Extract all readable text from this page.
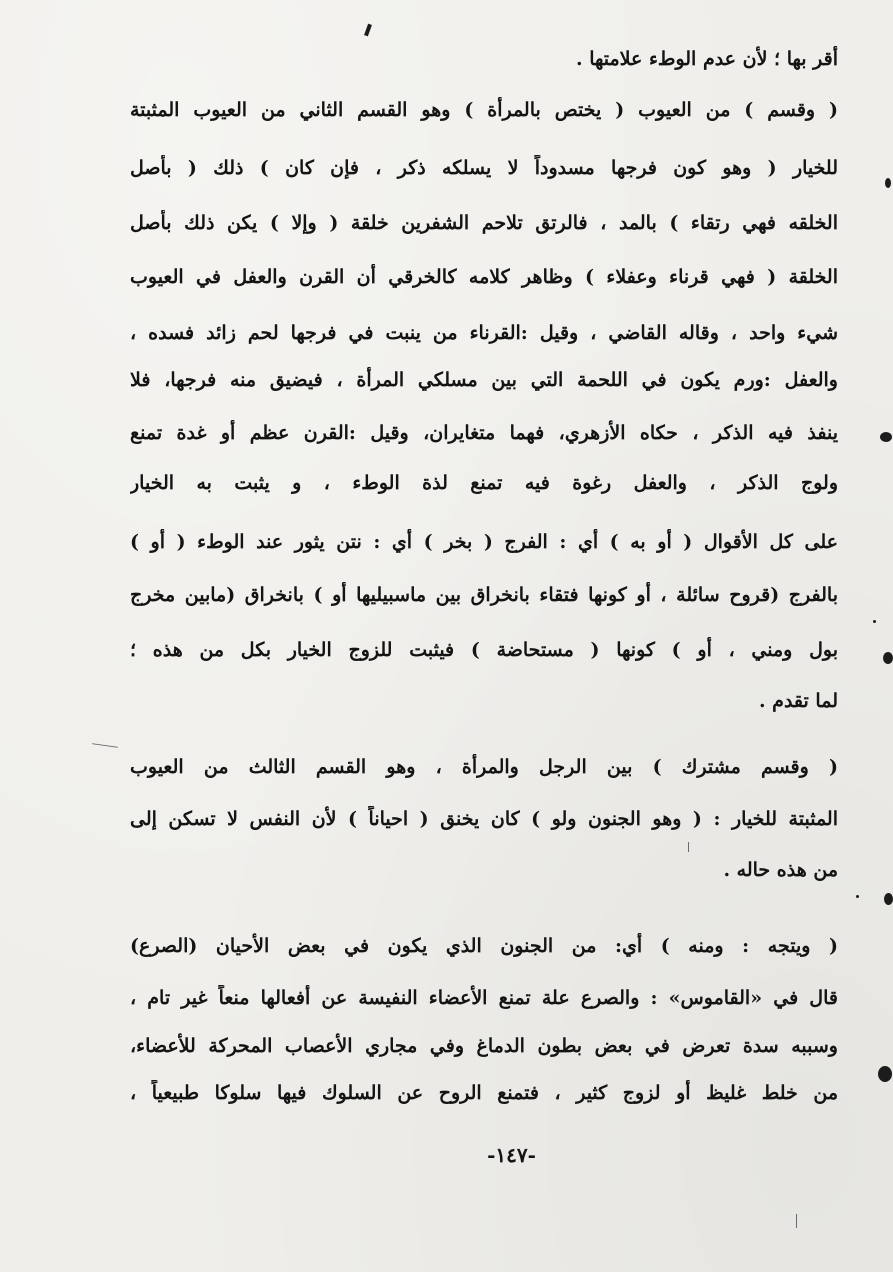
أقر بها ؛ لأن عدم الوطء علامتها .
( وقسم ) من العيوب ( يختص بالمرأة ) وهو القسم الثاني من العيوب المثبتة
للخيار ( وهو كون فرجها مسدوداً لا يسلكه ذكر ، فإن كان ) ذلك ( بأصل
الخلقه فهي رتقاء ) بالمد ، فالرتق تلاحم الشفرين خلقة ( وإلا ) يكن ذلك بأصل
الخلقة ( فهي قرناء وعفلاء ) وظاهر كلامه كالخرقي أن القرن والعفل في العيوب
شيء واحد ، وقاله القاضي ، وقيل :القرناء من ينبت في فرجها لحم زائد فسده ،
والعفل :ورم يكون في اللحمة التي بين مسلكي المرأة ، فيضيق منه فرجها، فلا
ينفذ فيه الذكر ، حكاه الأزهري، فهما متغايران، وقيل :القرن عظم أو غدة تمنع
ولوج الذكر ، والعفل رغوة فيه تمنع لذة الوطء ، و يثبت به الخيار
على كل الأقوال ( أو به ) أي : الفرج ( بخر ) أي : نتن يثور عند الوطء ( أو )
بالفرج (قروح سائلة ، أو كونها فتقاء بانخراق بين ماسبيليها أو ) بانخراق (مابين مخرج
بول ومني ، أو ) كونها ( مستحاضة ) فيثبت للزوج الخيار بكل من هذه ؛
لما تقدم .
( وقسم مشترك ) بين الرجل والمرأة ، وهو القسم الثالث من العيوب
المثبتة للخيار : ( وهو الجنون ولو ) كان يخنق ( احياناً ) لأن النفس لا تسكن إلى
من هذه حاله .
( ويتجه : ومنه ) أي: من الجنون الذي يكون في بعض الأحيان (الصرع)
قال في «القاموس» : والصرع علة تمنع الأعضاء النفيسة عن أفعالها منعاً غير تام ،
وسببه سدة تعرض في بعض بطون الدماغ وفي مجاري الأعصاب المحركة للأعضاء،
من خلط غليظ أو لزوج كثير ، فتمنع الروح عن السلوك فيها سلوكا طبيعياً ،
-١٤٧-
